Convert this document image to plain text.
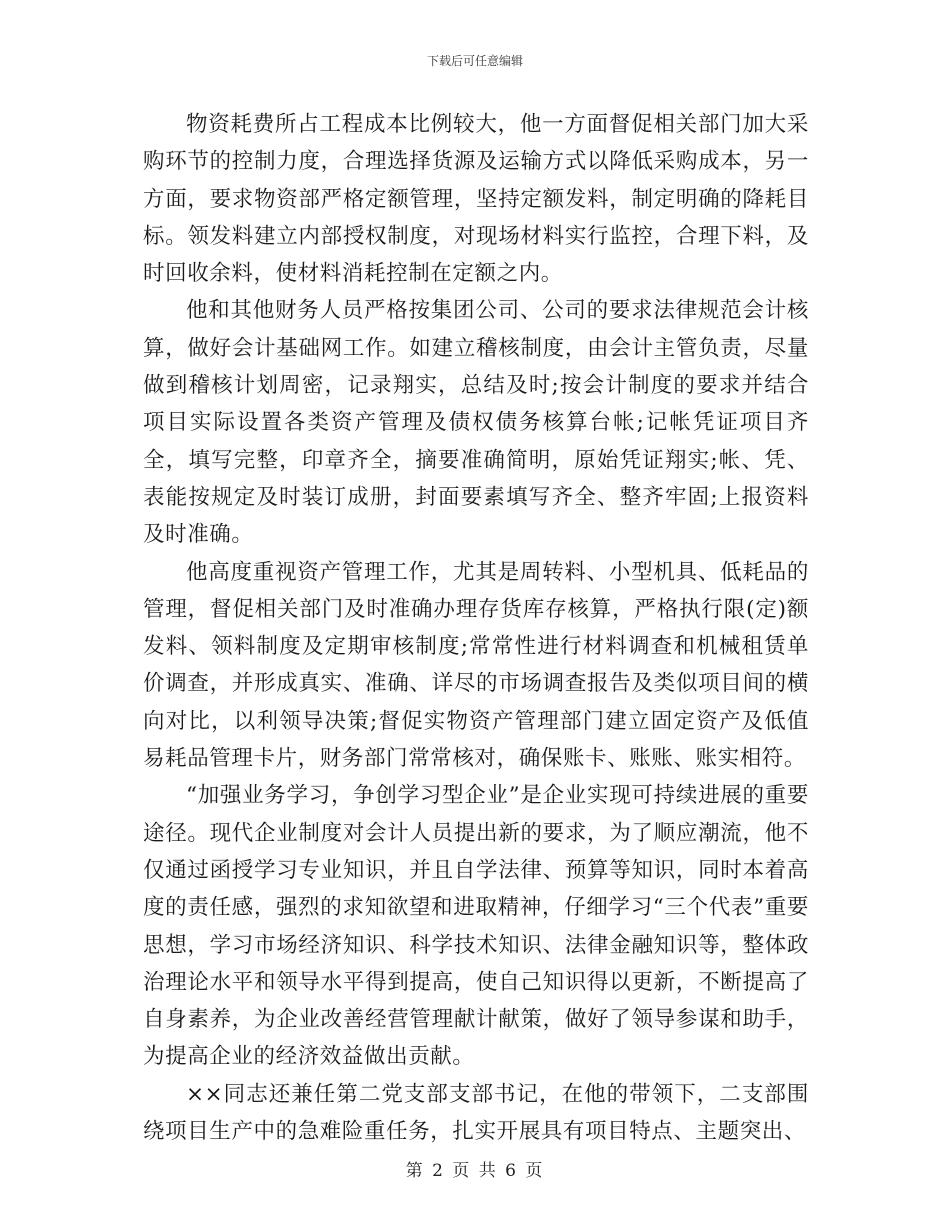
下载后可任意编辑

物资耗费所占工程成本比例较大，他一方面督促相关部门加大采购环节的控制力度，合理选择货源及运输方式以降低采购成本，另一方面，要求物资部严格定额管理，坚持定额发料，制定明确的降耗目标。领发料建立内部授权制度，对现场材料实行监控，合理下料，及时回收余料，使材料消耗控制在定额之内。

他和其他财务人员严格按集团公司、公司的要求法律规范会计核算，做好会计基础网工作。如建立稽核制度，由会计主管负责，尽量做到稽核计划周密，记录翔实，总结及时;按会计制度的要求并结合项目实际设置各类资产管理及债权债务核算台帐;记帐凭证项目齐全，填写完整，印章齐全，摘要准确简明，原始凭证翔实;帐、凭、表能按规定及时装订成册，封面要素填写齐全、整齐牢固;上报资料及时准确。

他高度重视资产管理工作，尤其是周转料、小型机具、低耗品的管理，督促相关部门及时准确办理存货库存核算，严格执行限(定)额发料、领料制度及定期审核制度;常常性进行材料调查和机械租赁单价调查，并形成真实、准确、详尽的市场调查报告及类似项目间的横向对比，以利领导决策;督促实物资产管理部门建立固定资产及低值易耗品管理卡片，财务部门常常核对，确保账卡、账账、账实相符。

“加强业务学习，争创学习型企业”是企业实现可持续进展的重要途径。现代企业制度对会计人员提出新的要求，为了顺应潮流，他不仅通过函授学习专业知识，并且自学法律、预算等知识，同时本着高度的责任感，强烈的求知欲望和进取精神，仔细学习“三个代表”重要思想，学习市场经济知识、科学技术知识、法律金融知识等，整体政治理论水平和领导水平得到提高，使自己知识得以更新，不断提高了自身素养，为企业改善经营管理献计献策，做好了领导参谋和助手，为提高企业的经济效益做出贡献。

××同志还兼任第二党支部支部书记，在他的带领下，二支部围绕项目生产中的急难险重任务，扎实开展具有项目特点、主题突出、

第 2 页 共 6 页
